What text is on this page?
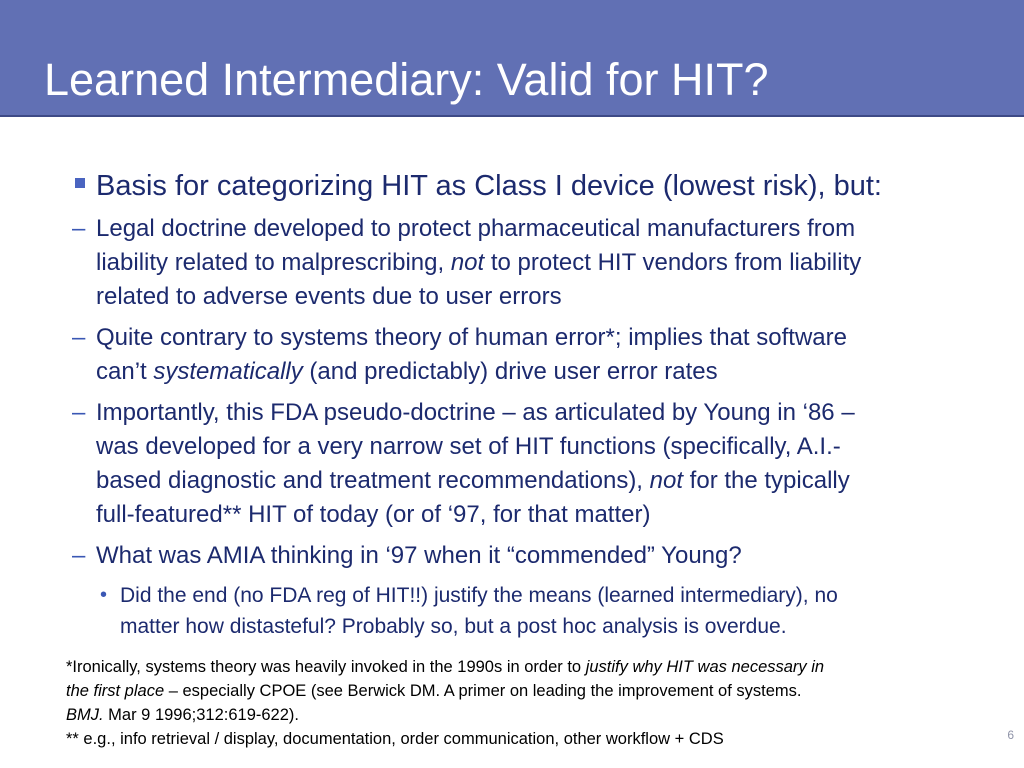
Learned Intermediary: Valid for HIT?
Basis for categorizing HIT as Class I device (lowest risk), but:
– Legal doctrine developed to protect pharmaceutical manufacturers from
liability related to malprescribing, not to protect HIT vendors from liability
related to adverse events due to user errors
– Quite contrary to systems theory of human error*; implies that software
can’t systematically (and predictably) drive user error rates
– Importantly, this FDA pseudo-doctrine – as articulated by Young in ‘86 –
was developed for a very narrow set of HIT functions (specifically, A.I.-
based diagnostic and treatment recommendations), not for the typically
full-featured** HIT of today (or of ‘97, for that matter)
– What was AMIA thinking in ‘97 when it “commended” Young?
• Did the end (no FDA reg of HIT!!) justify the means (learned intermediary), no
matter how distasteful? Probably so, but a post hoc analysis is overdue.
*Ironically, systems theory was heavily invoked in the 1990s in order to justify why HIT was necessary in
the first place – especially CPOE (see Berwick DM. A primer on leading the improvement of systems.
BMJ. Mar 9 1996;312:619-622).
** e.g., info retrieval / display, documentation, order communication, other workflow + CDS	6
